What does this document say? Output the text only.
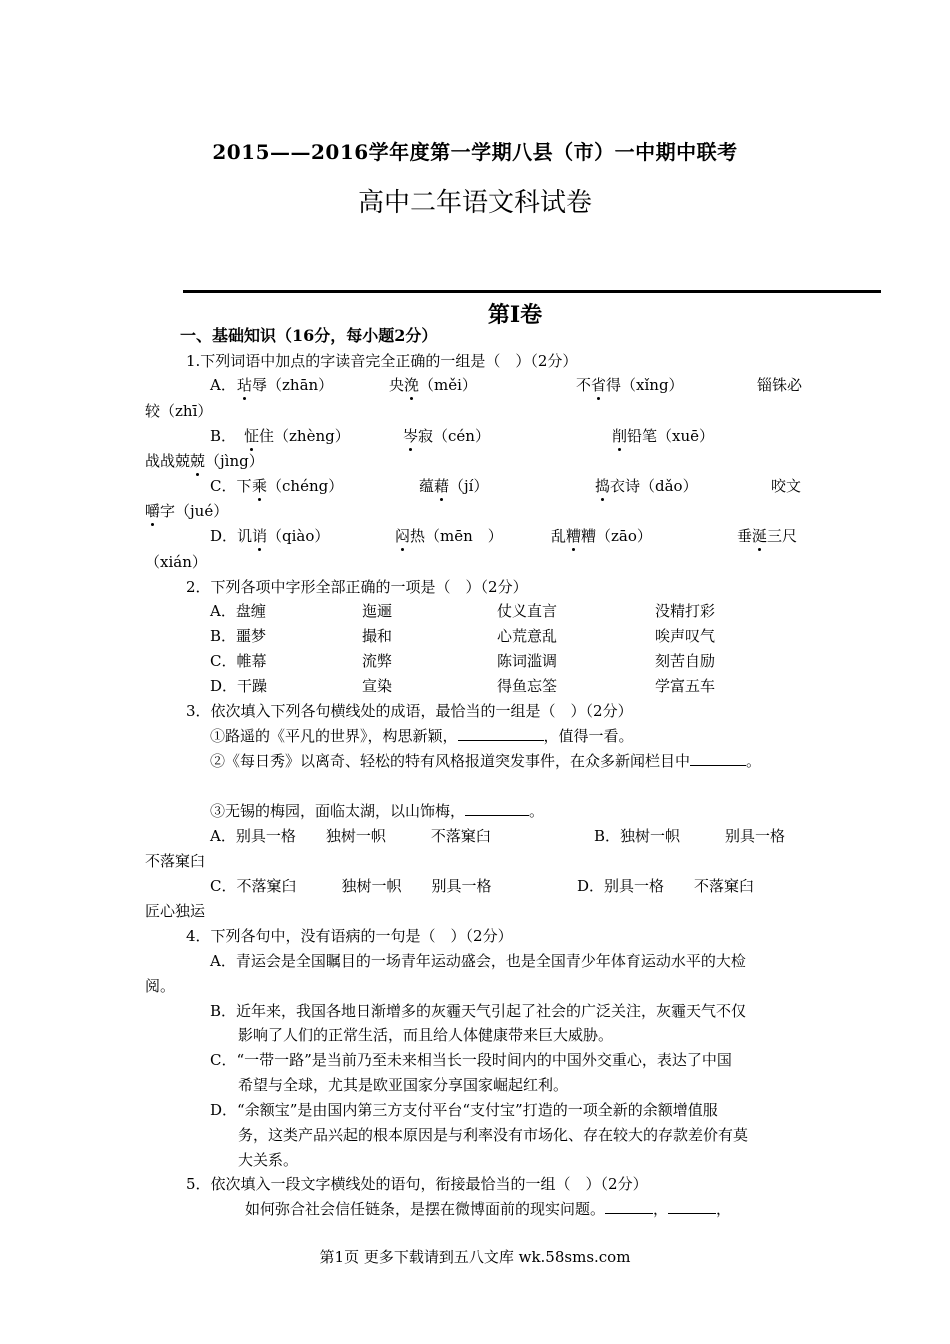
2015——2016学年度第一学期八县（市）一中期中联考
高中二年语文科试卷
第Ⅰ卷
一、基础知识（16分，每小题2分）
1.下列词语中加点的字读音完全正确的一组是（　）（2分）
A． 玷辱（zhān）	央浼（měi）	不省得（xǐng）	锱铢必
较（zhī）
B． 怔住（zhèng）	岑寂（cén）	削铅笔（xuē）
战战兢兢（jìng）
C．下 乘（chéng）	蕴藉（jí）	捣衣诗（dǎo）	咬文
嚼字（jué）
D．讥 诮（qiào）	闷热（mēn　）	乱糟糟（zāo）	垂涎三尺
（xián）
2．下列各项中字形全部正确的一项是（　）（2分）
A．盘缠	迤逦	仗义直言	没精打彩
B．噩梦	撮和	心荒意乱	唉声叹气
C．帷幕	流弊	陈词滥调	刻苦自励
D．干躁	宣染	得鱼忘筌	学富五车
3．依次填入下列各句横线处的成语，最恰当的一组是（　）（2分）
①路遥的《平凡的世界》，构思新颖，	，值得一看。
②《每日秀》以离奇、轻松的特有风格报道突发事件，在众多新闻栏目中	。
③无锡的梅园，面临太湖，以山饰梅，	。
A．别具一格　　独树一帜　　　不落窠臼	B．独树一帜　　　别具一格
不落窠臼
C．不落窠臼　　　独树一帜　　别具一格	D．别具一格　　不落窠臼
匠心独运
4．下列各句中，没有语病的一句是（　）（2分）
A．青运会是全国瞩目的一场青年运动盛会，也是全国青少年体育运动水平的大检
阅。
B．近年来，我国各地日渐增多的灰霾天气引起了社会的广泛关注，灰霾天气不仅
影响了人们的正常生活，而且给人体健康带来巨大威胁。
C．“一带一路”是当前乃至未来相当长一段时间内的中国外交重心，表达了中国
希望与全球，尤其是欧亚国家分享国家崛起红利。
D．“余额宝”是由国内第三方支付平台“支付宝”打造的一项全新的余额增值服
务，这类产品兴起的根本原因是与利率没有市场化、存在较大的存款差价有莫
大关系。
5．依次填入一段文字横线处的语句，衔接最恰当的一组（　）（2分）
如何弥合社会信任链条，是摆在微博面前的现实问题。	，	，
第1页 更多下载请到五八文库 wk.58sms.com
